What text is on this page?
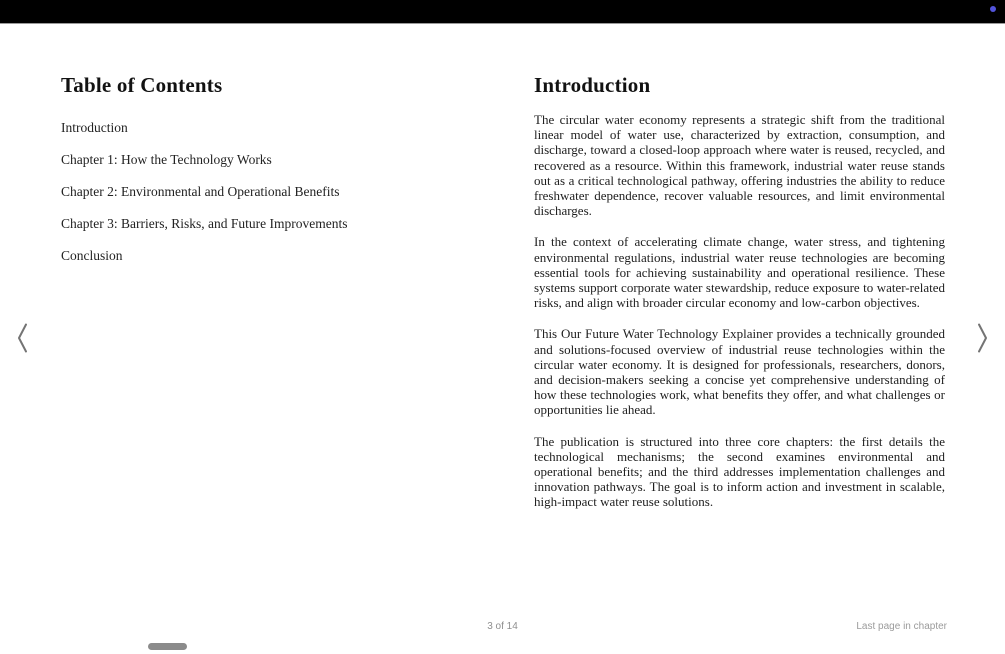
Table of Contents
Introduction
Chapter 1: How the Technology Works
Chapter 2: Environmental and Operational Benefits
Chapter 3: Barriers, Risks, and Future Improvements
Conclusion
Introduction

The circular water economy represents a strategic shift from the traditional linear model of water use, characterized by extraction, consumption, and discharge, toward a closed-loop approach where water is reused, recycled, and recovered as a resource. Within this framework, industrial water reuse stands out as a critical technological pathway, offering industries the ability to reduce freshwater dependence, recover valuable resources, and limit environmental discharges.

In the context of accelerating climate change, water stress, and tightening environmental regulations, industrial water reuse technologies are becoming essential tools for achieving sustainability and operational resilience. These systems support corporate water stewardship, reduce exposure to water-related risks, and align with broader circular economy and low-carbon objectives.

This Our Future Water Technology Explainer provides a technically grounded and solutions-focused overview of industrial reuse technologies within the circular water economy. It is designed for professionals, researchers, donors, and decision-makers seeking a concise yet comprehensive understanding of how these technologies work, what benefits they offer, and what challenges or opportunities lie ahead.

The publication is structured into three core chapters: the first details the technological mechanisms; the second examines environmental and operational benefits; and the third addresses implementation challenges and innovation pathways. The goal is to inform action and investment in scalable, high-impact water reuse solutions.

3 of 14	Last page in chapter
